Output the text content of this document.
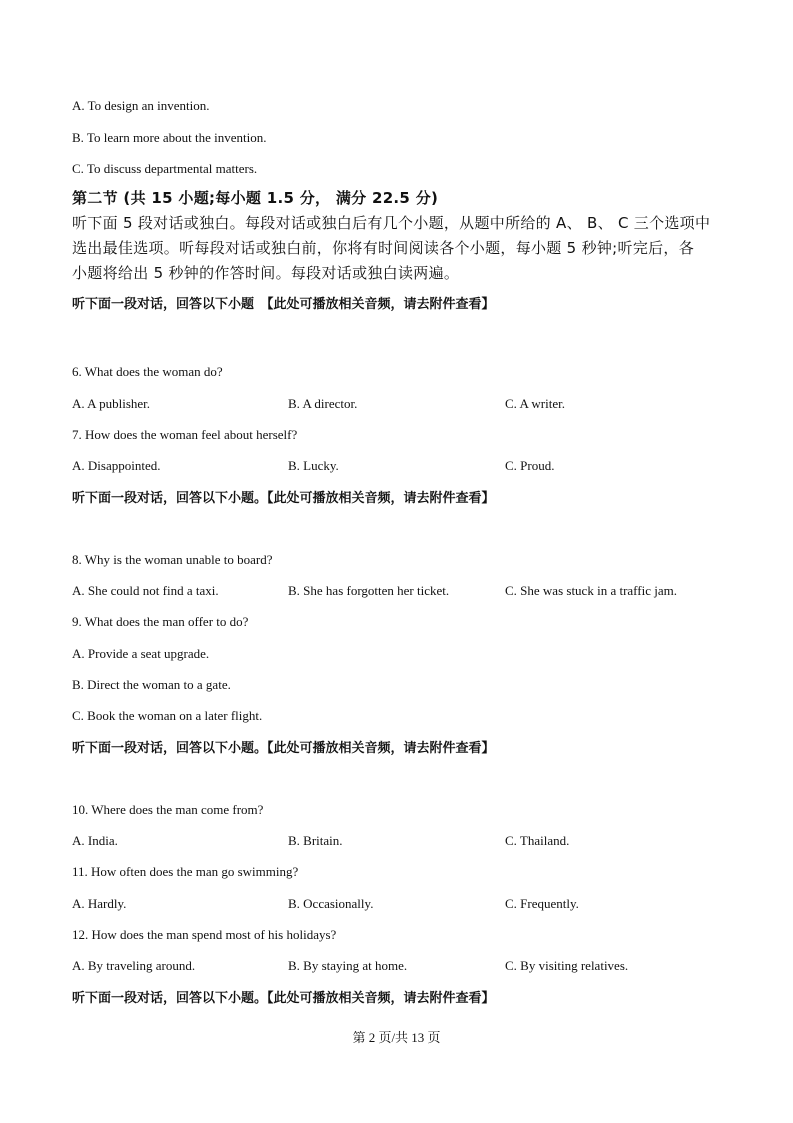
A. To design an invention.
B. To learn more about the invention.
C. To discuss departmental matters.
第二节 (共 15 小题;每小题 1.5 分， 满分 22.5 分)
听下面 5 段对话或独白。每段对话或独白后有几个小题，从题中所给的 A、 B、 C 三个选项中
选出最佳选项。听每段对话或独白前，你将有时间阅读各个小题，每小题 5 秒钟;听完后，各
小题将给出 5 秒钟的作答时间。每段对话或独白读两遍。
听下面一段对话，回答以下小题　【此处可播放相关音频，请去附件查看】
6. What does the woman do?
A. A publisher.	B. A director.	C. A writer.
7. How does the woman feel about herself?
A. Disappointed.	B. Lucky.	C. Proud.
听下面一段对话，回答以下小题。【此处可播放相关音频，请去附件查看】
8. Why is the woman unable to board?
A. She could not find a taxi.	B. She has forgotten her ticket.	C. She was stuck in a traffic jam.
9. What does the man offer to do?
A. Provide a seat upgrade.
B. Direct the woman to a gate.
C. Book the woman on a later flight.
听下面一段对话，回答以下小题。【此处可播放相关音频，请去附件查看】
10. Where does the man come from?
A. India.	B. Britain.	C. Thailand.
11. How often does the man go swimming?
A. Hardly.	B. Occasionally.	C. Frequently.
12. How does the man spend most of his holidays?
A. By traveling around.	B. By staying at home.	C. By visiting relatives.
听下面一段对话，回答以下小题。【此处可播放相关音频，请去附件查看】
第 2 页/共 13 页
